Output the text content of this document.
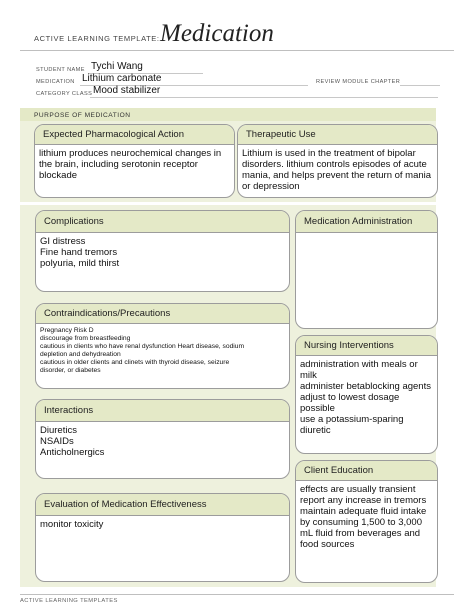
ACTIVE LEARNING TEMPLATE: Medication
STUDENT NAME Tychi Wang
MEDICATION Lithium carbonate	REVIEW MODULE CHAPTER
CATEGORY CLASS Mood stabilizer
PURPOSE OF MEDICATION
Expected Pharmacological Action
lithium produces neurochemical changes in
the brain, including serotonin receptor
blockade
Therapeutic Use
Lithium is used in the treatment of bipolar
disorders. lithium controls episodes of acute
mania, and helps prevent the return of mania
or depression
Complications
GI distress
Fine hand tremors
polyuria, mild thirst
Medication Administration
Contraindications/Precautions
Pregnancy Risk D
discourage from breastfeeding
cautious in clients who have renal dysfunction Heart disease, sodium
depletion and dehydreation
cautious in older clients and clinets with thyroid disease, seizure
disorder, or diabetes
Nursing Interventions
administration with meals or milk
administer betablocking agents
adjust to lowest dosage possible
use a potassium-sparing diuretic
Interactions
Diuretics
NSAIDs
Anticholnergics
Client Education
effects are usually transient
report any increase in tremors
maintain adequate fluid intake
by consuming 1,500 to 3,000
mL fluid from beverages and
food sources
Evaluation of Medication Effectiveness
monitor toxicity
ACTIVE LEARNING TEMPLATES
